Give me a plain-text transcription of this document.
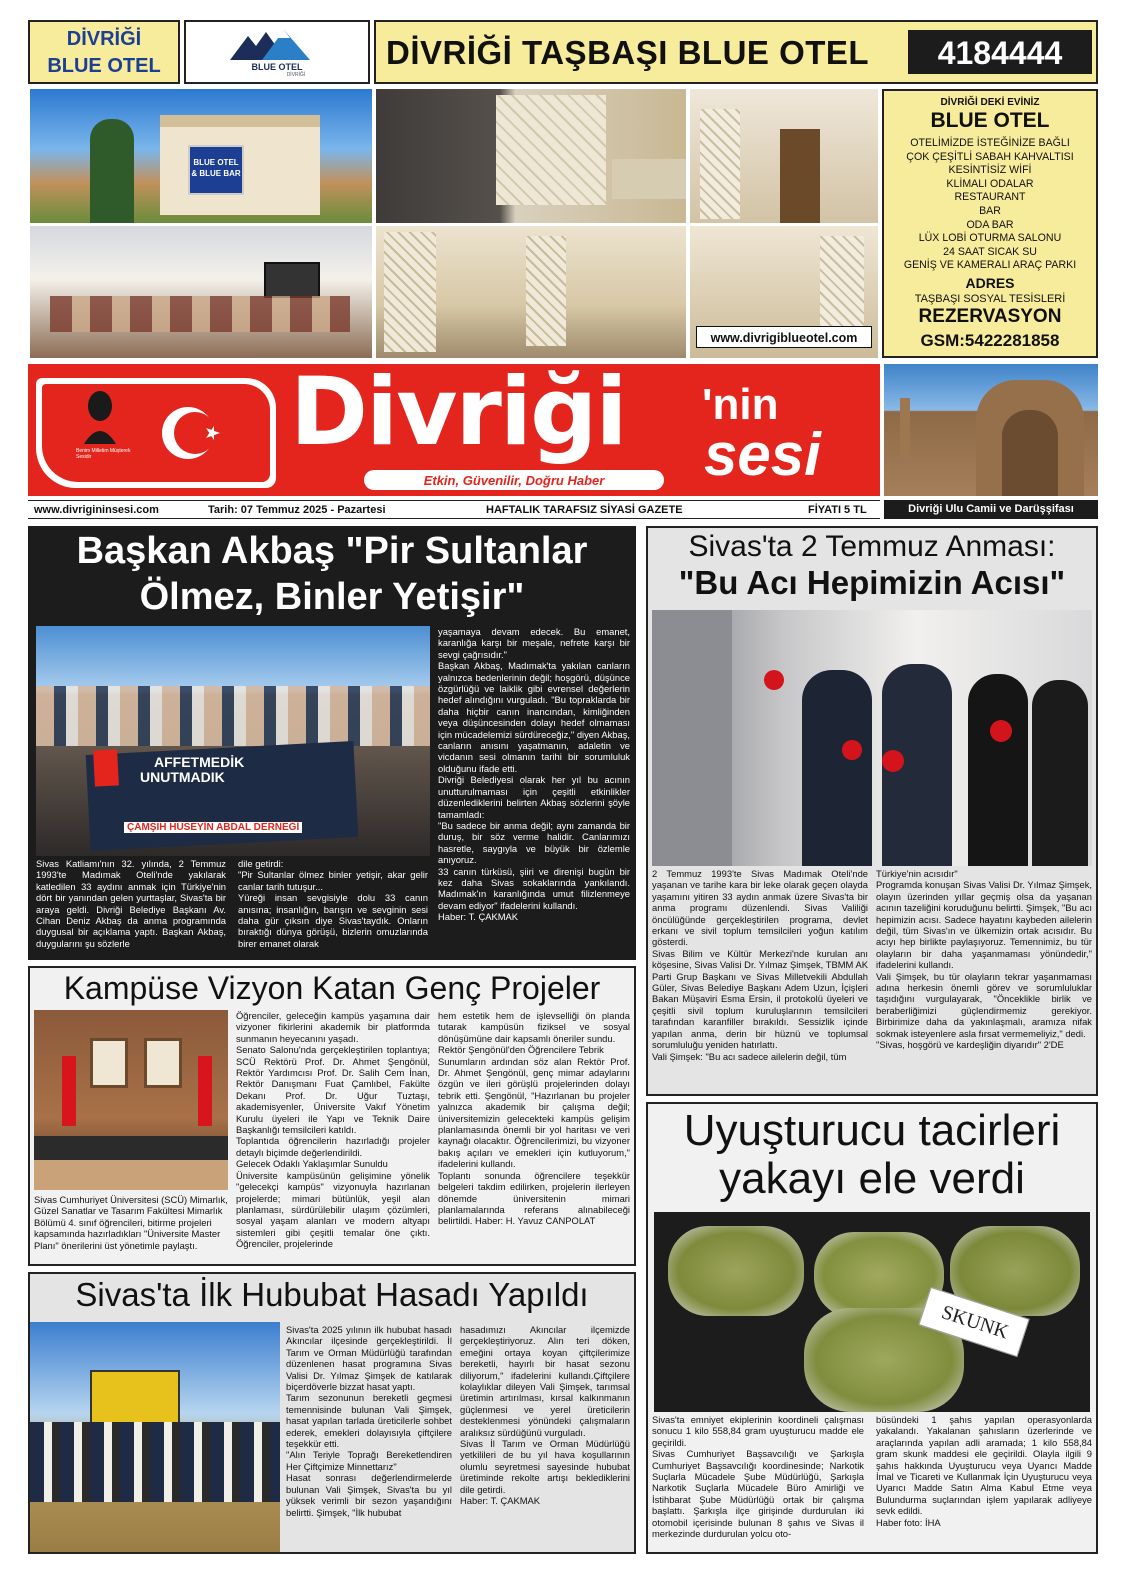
DİVRİĞİ
BLUE OTEL	BLUE OTEL
DİVRİĞİ
DİVRİĞİ TAŞBAŞI BLUE OTEL	4184444
BLUE OTEL & BLUE BAR
www.divrigiblueotel.com
DİVRİĞİ DEKİ EVİNİZ
BLUE OTEL
OTELİMİZDE İSTEĞİNİZE BAĞLI
ÇOK ÇEŞİTLİ SABAH KAHVALTISI
KESİNTİSİZ WİFİ
KLİMALI ODALAR
RESTAURANT
BAR
ODA BAR
LÜX LOBİ OTURMA SALONU
24 SAAT SICAK SU
GENİŞ VE KAMERALI ARAÇ PARKI
ADRES
TAŞBAŞI SOSYAL TESİSLERİ
REZERVASYON
GSM:5422281858
Benim Milletim Müşterek Sesidir	Divriği 'nin
sesi
Etkin, Güvenilir, Doğru Haber
www.divrigininsesi.com	Tarih: 07 Temmuz 2025 - Pazartesi	HAFTALIK TARAFSIZ SİYASİ GAZETE	FİYATI 5 TL	Divriği Ulu Camii ve Darüşşifası
Başkan Akbaş "Pir Sultanlar
Ölmez, Binler Yetişir"
AFFETMEDİK
UNUTMADIK
ÇAMŞIH HÜSEYİN ABDAL DERNEĞİ
Sivas Katliamı'nın 32. yılında, 2 Temmuz 1993'te Madımak Oteli'nde yakılarak katledilen 33 aydını anmak için Türkiye'nin dört bir yanından gelen yurttaşlar, Sivas'ta bir araya geldi. Divriği Belediye Başkanı Av. Cihan Deniz Akbaş da anma programında duygusal bir açıklama yaptı. Başkan Akbaş, duygularını şu sözlerle
dile getirdi:
"Pir Sultanlar ölmez binler yetişir, akar gelir canlar tarih tutuşur...
Yüreği insan sevgisiyle dolu 33 canın anısına; insanlığın, barışın ve sevginin sesi daha gür çıksın diye Sivas'taydık. Onların bıraktığı dünya görüşü, bizlerin omuzlarında birer emanet olarak
yaşamaya devam edecek. Bu emanet, karanlığa karşı bir meşale, nefrete karşı bir sevgi çağrısıdır."
Başkan Akbaş, Madımak'ta yakılan canların yalnızca bedenlerinin değil; hoşgörü, düşünce özgürlüğü ve laiklik gibi evrensel değerlerin hedef alındığını vurguladı. "Bu topraklarda bir daha hiçbir canın inancından, kimliğinden veya düşüncesinden dolayı hedef olmaması için mücadelemizi sürdüreceğiz," diyen Akbaş, canların anısını yaşatmanın, adaletin ve vicdanın sesi olmanın tarihi bir sorumluluk olduğunu ifade etti.
Divriği Belediyesi olarak her yıl bu acının unutturulmaması için çeşitli etkinlikler düzenlediklerini belirten Akbaş sözlerini şöyle tamamladı:
"Bu sadece bir anma değil; aynı zamanda bir duruş, bir söz verme halidir. Canlarımızı hasretle, saygıyla ve büyük bir özlemle anıyoruz.
33 canın türküsü, şiiri ve direnişi bugün bir kez daha Sivas sokaklarında yankılandı. Madımak'ın karanlığında umut filizlenmeye devam ediyor" ifadelerini kullandı.
Haber: T. ÇAKMAK
Sivas'ta 2 Temmuz Anması:
"Bu Acı Hepimizin Acısı"
2 Temmuz 1993'te Sivas Madımak Oteli'nde yaşanan ve tarihe kara bir leke olarak geçen olayda yaşamını yitiren 33 aydın anmak üzere Sivas'ta bir anma programı düzenlendi. Sivas Valiliği öncülüğünde gerçekleştirilen programa, devlet erkanı ve sivil toplum temsilcileri yoğun katılım gösterdi.
Sivas Bilim ve Kültür Merkezi'nde kurulan anı köşesine, Sivas Valisi Dr. Yılmaz Şimşek, TBMM AK Parti Grup Başkanı ve Sivas Milletvekili Abdullah Güler, Sivas Belediye Başkanı Adem Uzun, İçişleri Bakan Müşaviri Esma Ersin, il protokolü üyeleri ve çeşitli sivil toplum kuruluşlarının temsilcileri tarafından karanfiller bırakıldı. Sessizlik içinde yapılan anma, derin bir hüznü ve toplumsal sorumluluğu yeniden hatırlattı.
Vali Şimşek: "Bu acı sadece ailelerin değil, tüm
Türkiye'nin acısıdır"
Programda konuşan Sivas Valisi Dr. Yılmaz Şimşek, olayın üzerinden yıllar geçmiş olsa da yaşanan acının tazeliğini koruduğunu belirtti. Şimşek, "Bu acı hepimizin acısı. Sadece hayatını kaybeden ailelerin değil, tüm Sivas'ın ve ülkemizin ortak acısıdır. Bu acıyı hep birlikte paylaşıyoruz. Temennimiz, bu tür olayların bir daha yaşanmaması yönündedir," ifadelerini kullandı.
Vali Şimşek, bu tür olayların tekrar yaşanmaması adına herkesin önemli görev ve sorumluluklar taşıdığını vurgulayarak, "Önceklikle birlik ve beraberliğimizi güçlendirmemiz gerekiyor. Birbirimize daha da yakınlaşmalı, aramıza nifak sokmak isteyenlere asla fırsat vermemeliyiz," dedi.
"Sivas, hoşgörü ve kardeşliğin diyarıdır" 2'DE
Kampüse Vizyon Katan Genç Projeler
Sivas Cumhuriyet Üniversitesi (SCÜ) Mimarlık, Güzel Sanatlar ve Tasarım Fakültesi Mimarlık Bölümü 4. sınıf öğrencileri, bitirme projeleri kapsamında hazırladıkları "Üniversite Master Planı" önerilerini üst yönetimle paylaştı.
Öğrenciler, geleceğin kampüs yaşamına dair vizyoner fikirlerini akademik bir platformda sunmanın heyecanını yaşadı.
Senato Salonu'nda gerçekleştirilen toplantıya; SCÜ Rektörü Prof. Dr. Ahmet Şengönül, Rektör Yardımcısı Prof. Dr. Salih Cem İnan, Rektör Danışmanı Fuat Çamlıbel, Fakülte Dekanı Prof. Dr. Uğur Tuztaşı, akademisyenler, Üniversite Vakıf Yönetim Kurulu üyeleri ile Yapı ve Teknik Daire Başkanlığı temsilcileri katıldı.
Toplantıda öğrencilerin hazırladığı projeler detaylı biçimde değerlendirildi.
Gelecek Odaklı Yaklaşımlar Sunuldu
Üniversite kampüsünün gelişimine yönelik "gelecekçi kampüs" vizyonuyla hazırlanan projelerde; mimari bütünlük, yeşil alan planlaması, sürdürülebilir ulaşım çözümleri, sosyal yaşam alanları ve modern altyapı sistemleri gibi çeşitli temalar öne çıktı. Öğrenciler, projelerinde
hem estetik hem de işlevselliği ön planda tutarak kampüsün fiziksel ve sosyal dönüşümüne dair kapsamlı öneriler sundu.
Rektör Şengönül'den Öğrencilere Tebrik
Sunumların ardından söz alan Rektör Prof. Dr. Ahmet Şengönül, genç mimar adaylarını özgün ve ileri görüşlü projelerinden dolayı tebrik etti. Şengönül, "Hazırlanan bu projeler yalnızca akademik bir çalışma değil; üniversitemizin gelecekteki kampüs gelişim planlamasında önemli bir yol haritası ve veri kaynağı olacaktır. Öğrencilerimizi, bu vizyoner bakış açıları ve emekleri için kutluyorum," ifadelerini kullandı.
Toplantı sonunda öğrencilere teşekkür belgeleri takdim edilirken, projelerin ilerleyen dönemde üniversitenin mimari planlamalarında referans alınabileceği belirtildi. Haber: H. Yavuz CANPOLAT
Sivas'ta İlk Hububat Hasadı Yapıldı
Sivas'ta 2025 yılının ilk hububat hasadı Akıncılar ilçesinde gerçekleştirildi. İl Tarım ve Orman Müdürlüğü tarafından düzenlenen hasat programına Sivas Valisi Dr. Yılmaz Şimşek de katılarak biçerdöverle bizzat hasat yaptı.
Tarım sezonunun bereketli geçmesi temennisinde bulunan Vali Şimşek, hasat yapılan tarlada üreticilerle sohbet ederek, emekleri dolayısıyla çiftçilere teşekkür etti.
"Alın Teriyle Toprağı Bereketlendiren Her Çiftçimize Minnettarız"
Hasat sonrası değerlendirmelerde bulunan Vali Şimşek, Sivas'ta bu yıl yüksek verimli bir sezon yaşandığını belirtti. Şimşek, "İlk hububat
hasadımızı Akıncılar ilçemizde gerçekleştiriyoruz. Alın teri döken, emeğini ortaya koyan çiftçilerimize bereketli, hayırlı bir hasat sezonu diliyorum," ifadelerini kullandı.Çiftçilere kolaylıklar dileyen Vali Şimşek, tarımsal üretimin artırılması, kırsal kalkınmanın güçlenmesi ve yerel üreticilerin desteklenmesi yönündeki çalışmaların aralıksız sürdüğünü vurguladı.
Sivas İl Tarım ve Orman Müdürlüğü yetkilileri de bu yıl hava koşullarının olumlu seyretmesi sayesinde hububat üretiminde rekolte artışı beklediklerini dile getirdi.
Haber: T. ÇAKMAK
Uyuşturucu tacirleri
yakayı ele verdi
SKUNK
Sivas'ta emniyet ekiplerinin koordineli çalışması sonucu 1 kilo 558,84 gram uyuşturucu madde ele geçirildi.
Sivas Cumhuriyet Başsavcılığı ve Şarkışla Cumhuriyet Başsavcılığı koordinesinde; Narkotik Suçlarla Mücadele Şube Müdürlüğü, Şarkışla Narkotik Suçlarla Mücadele Büro Amirliği ve İstihbarat Şube Müdürlüğü ortak bir çalışma başlattı. Şarkışla ilçe girişinde durdurulan iki otomobil içerisinde bulunan 8 şahıs ve Sivas il merkezinde durdurulan yolcu oto-
büsündeki 1 şahıs yapılan operasyonlarda yakalandı. Yakalanan şahısların üzerlerinde ve araçlarında yapılan adli aramada; 1 kilo 558,84 gram skunk maddesi ele geçirildi. Olayla ilgili 9 şahıs hakkında Uyuşturucu veya Uyarıcı Madde İmal ve Ticareti ve Kullanmak İçin Uyuşturucu veya Uyarıcı Madde Satın Alma Kabul Etme veya Bulundurma suçlarından işlem yapılarak adliyeye sevk edildi.
Haber foto: İHA
